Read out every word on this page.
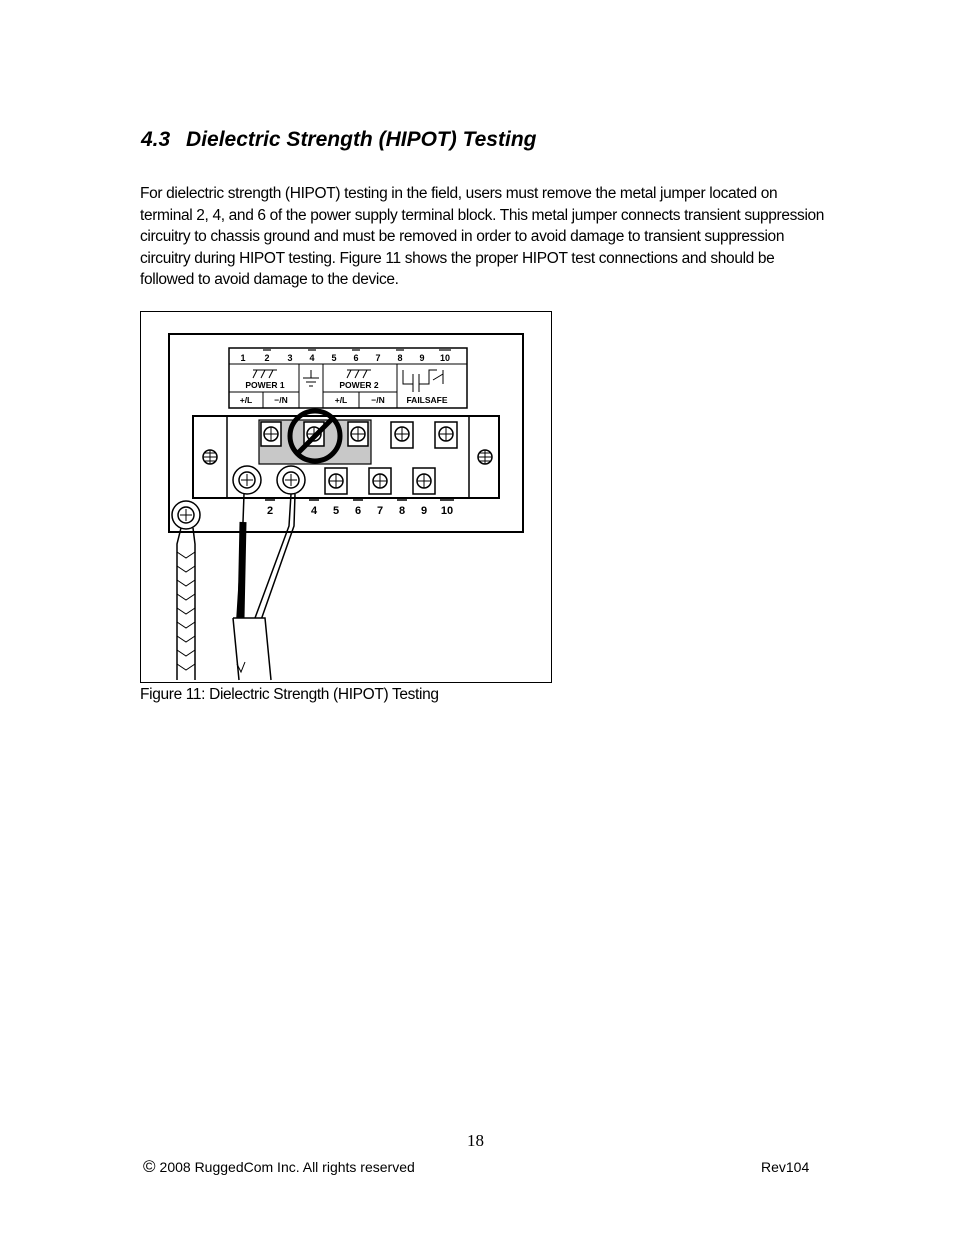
4.3 Dielectric Strength (HIPOT) Testing

For dielectric strength (HIPOT) testing in the field, users must remove the metal jumper located on terminal 2, 4, and 6 of the power supply terminal block. This metal jumper connects transient suppression circuitry to chassis ground and must be removed in order to avoid damage to transient suppression circuitry during HIPOT testing. Figure 11 shows the proper HIPOT test connections and should be followed to avoid damage to the device.

1 2 3 4 5 6 7 8 9 10
POWER 1	POWER 2
+/L	−/N	+/L	−/N	FAILSAFE
2	4 5 6 7 8 9 10
Figure 11: Dielectric Strength (HIPOT) Testing
18
© 2008 RuggedCom Inc. All rights reserved	Rev104
